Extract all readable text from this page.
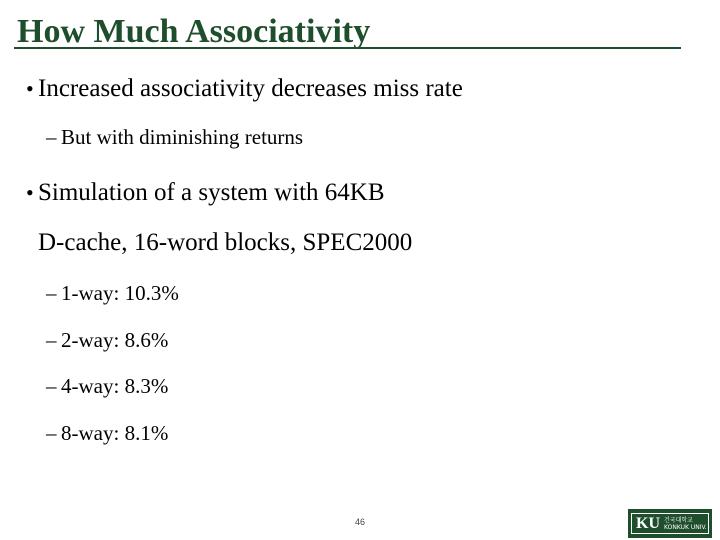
How Much Associativity
• Increased associativity decreases miss rate
– But with diminishing returns
• Simulation of a system with 64KB
D-cache, 16-word blocks, SPEC2000
– 1-way: 10.3%
– 2-way: 8.6%
– 4-way: 8.3%
– 8-way: 8.1%
46	KU 건국대학교
KONKUK UNIV.
